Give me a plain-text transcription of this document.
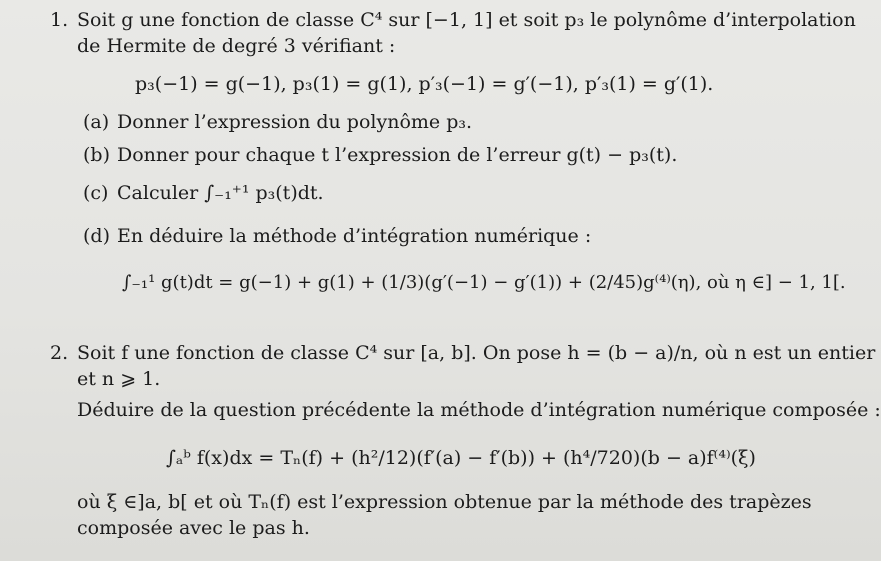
1. Soit g une fonction de classe C⁴ sur [−1, 1] et soit p₃ le polynôme d’interpolation
de Hermite de degré 3 vérifiant :
p₃(−1) = g(−1), p₃(1) = g(1), p′₃(−1) = g′(−1), p′₃(1) = g′(1).
(a) Donner l’expression du polynôme p₃.
(b) Donner pour chaque t l’expression de l’erreur g(t) − p₃(t).
(c) Calculer ∫₋₁⁺¹ p₃(t)dt.
(d) En déduire la méthode d’intégration numérique :
∫₋₁¹ g(t)dt = g(−1) + g(1) + (1/3)(g′(−1) − g′(1)) + (2/45)g⁽⁴⁾(η), où η ∈] − 1, 1[.
2. Soit f une fonction de classe C⁴ sur [a, b]. On pose h = (b − a)/n, où n est un entier
et n ⩾ 1.
Déduire de la question précédente la méthode d’intégration numérique composée :
∫ₐᵇ f(x)dx = Tₙ(f) + (h²/12)(f′(a) − f′(b)) + (h⁴/720)(b − a)f⁽⁴⁾(ξ)
où ξ ∈]a, b[ et où Tₙ(f) est l’expression obtenue par la méthode des trapèzes
composée avec le pas h.
